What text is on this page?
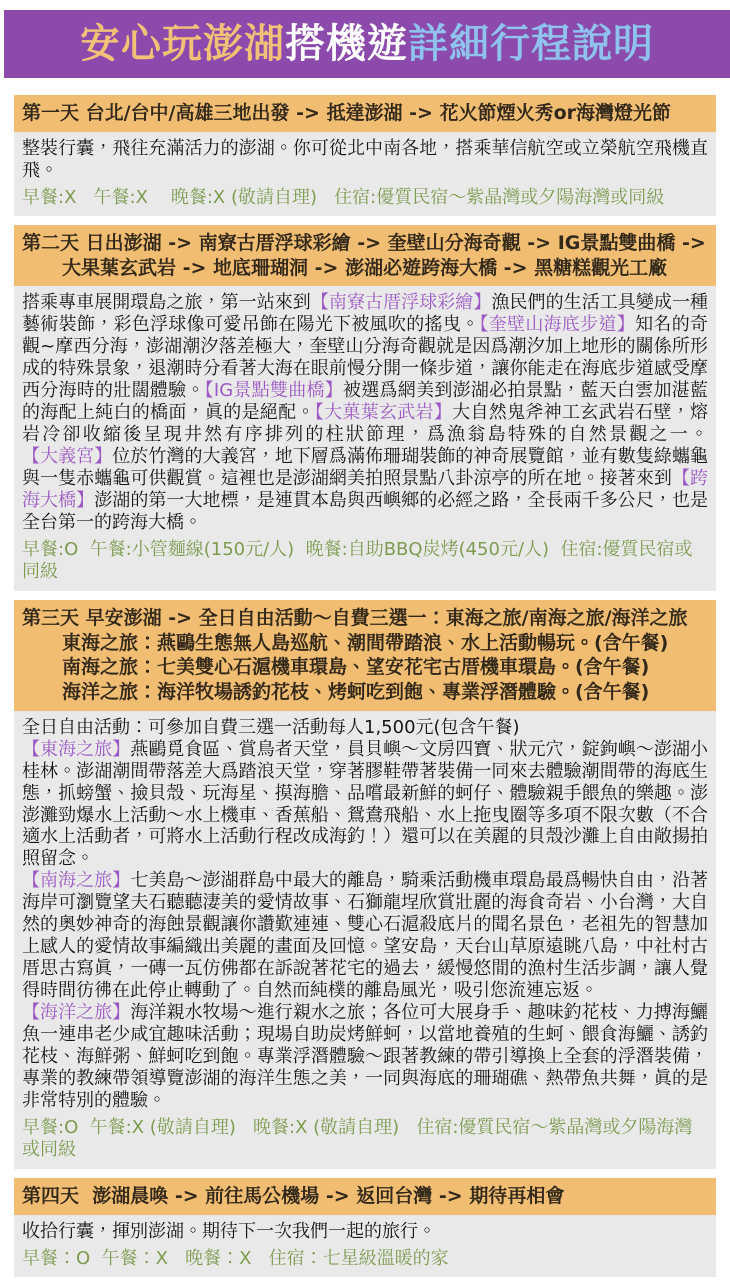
安心玩澎湖搭機遊詳細行程說明
第一天 台北/台中/高雄三地出發 -> 抵達澎湖 -> 花火節煙火秀or海灣燈光節

整裝行囊，飛往充滿活力的澎湖。你可從北中南各地，搭乘華信航空或立榮航空飛機直飛。

早餐:X   午餐:X    晚餐:X (敬請自理)   住宿:優質民宿～紫晶灣或夕陽海灣或同級
第二天 日出澎湖 -> 南寮古厝浮球彩繪 -> 奎壁山分海奇觀 -> IG景點雙曲橋 ->
大果葉玄武岩 -> 地底珊瑚洞 -> 澎湖必遊跨海大橋 -> 黑糖糕觀光工廠

搭乘專車展開環島之旅，第一站來到【南寮古厝浮球彩繪】漁民們的生活工具變成一種藝術裝飾，彩色浮球像可愛吊飾在陽光下被風吹的搖曳。【奎壁山海底步道】知名的奇觀~摩西分海，澎湖潮汐落差極大，奎壁山分海奇觀就是因爲潮汐加上地形的關係所形成的特殊景象，退潮時分看著大海在眼前慢分開一條步道，讓你能走在海底步道感受摩西分海時的壯闊體驗。【IG景點雙曲橋】被選爲網美到澎湖必拍景點，藍天白雲加湛藍的海配上純白的橋面，眞的是絕配。【大菓葉玄武岩】大自然鬼斧神工玄武岩石壁，熔岩冷卻收縮後呈現井然有序排列的柱狀節理，爲漁翁島特殊的自然景觀之一。【大義宮】位於竹灣的大義宮，地下層爲滿佈珊瑚裝飾的神奇展覽館，並有數隻綠蠵龜與一隻赤蠵龜可供觀賞。這裡也是澎湖網美拍照景點八卦涼亭的所在地。接著來到【跨海大橋】澎湖的第一大地標，是連貫本島與西嶼鄉的必經之路，全長兩千多公尺，也是全台第一的跨海大橋。

早餐:O  午餐:小管麵線(150元/人)  晚餐:自助BBQ炭烤(450元/人)  住宿:優質民宿或同級
第三天 早安澎湖 -> 全日自由活動～自費三選一：東海之旅/南海之旅/海洋之旅
東海之旅：燕鷗生態無人島巡航、潮間帶踏浪、水上活動暢玩。(含午餐)
南海之旅：七美雙心石滬機車環島、望安花宅古厝機車環島。(含午餐)
海洋之旅：海洋牧場誘釣花枝、烤蚵吃到飽、專業浮潛體驗。(含午餐)

全日自由活動：可參加自費三選一活動每人1,500元(包含午餐)

【東海之旅】燕鷗覓食區、賞鳥者天堂，員貝嶼～文房四寶、狀元穴，錠鉤嶼～澎湖小桂林。澎湖潮間帶落差大爲踏浪天堂，穿著膠鞋帶著裝備一同來去體驗潮間帶的海底生態，抓螃蟹、撿貝殼、玩海星、摸海膽、品嚐最新鮮的蚵仔、體驗親手餵魚的樂趣。澎澎灘勁爆水上活動～水上機車、香蕉船、鴛鴦飛船、水上拖曳圈等多項不限次數（不合適水上活動者，可將水上活動行程改成海釣！）還可以在美麗的貝殼沙灘上自由敞揚拍照留念。

【南海之旅】七美島～澎湖群島中最大的離島，騎乘活動機車環島最爲暢快自由，沿著海岸可瀏覽望夫石聽聽淒美的愛情故事、石獅龍埕欣賞壯麗的海食奇岩、小台灣，大自然的奧妙神奇的海蝕景觀讓你讚歎連連、雙心石滬殺底片的聞名景色，老祖先的智慧加上感人的愛情故事編織出美麗的畫面及回憶。望安島，天台山草原遠眺八島，中社村古厝思古寫眞，一磚一瓦仿佛都在訴說著花宅的過去，緩慢悠閒的漁村生活步調，讓人覺得時間彷彿在此停止轉動了。自然而純樸的離島風光，吸引您流連忘返。

【海洋之旅】海洋親水牧場～進行親水之旅；各位可大展身手、趣味釣花枝、力搏海鱺魚一連串老少咸宜趣味活動；現場自助炭烤鮮蚵，以當地養殖的生蚵、餵食海鱺、誘釣花枝、海鮮粥、鮮蚵吃到飽。專業浮潛體驗～跟著教練的帶引導換上全套的浮潛裝備，專業的教練帶領導覽澎湖的海洋生態之美，一同與海底的珊瑚礁、熱帶魚共舞，眞的是非常特別的體驗。

早餐:O  午餐:X (敬請自理)   晚餐:X (敬請自理)   住宿:優質民宿～紫晶灣或夕陽海灣或同級
第四天  澎湖晨喚 -> 前往馬公機場 -> 返回台灣 -> 期待再相會

收拾行囊，揮別澎湖。期待下一次我們一起的旅行。

早餐：O  午餐：X   晚餐：X   住宿：七星級溫暖的家
